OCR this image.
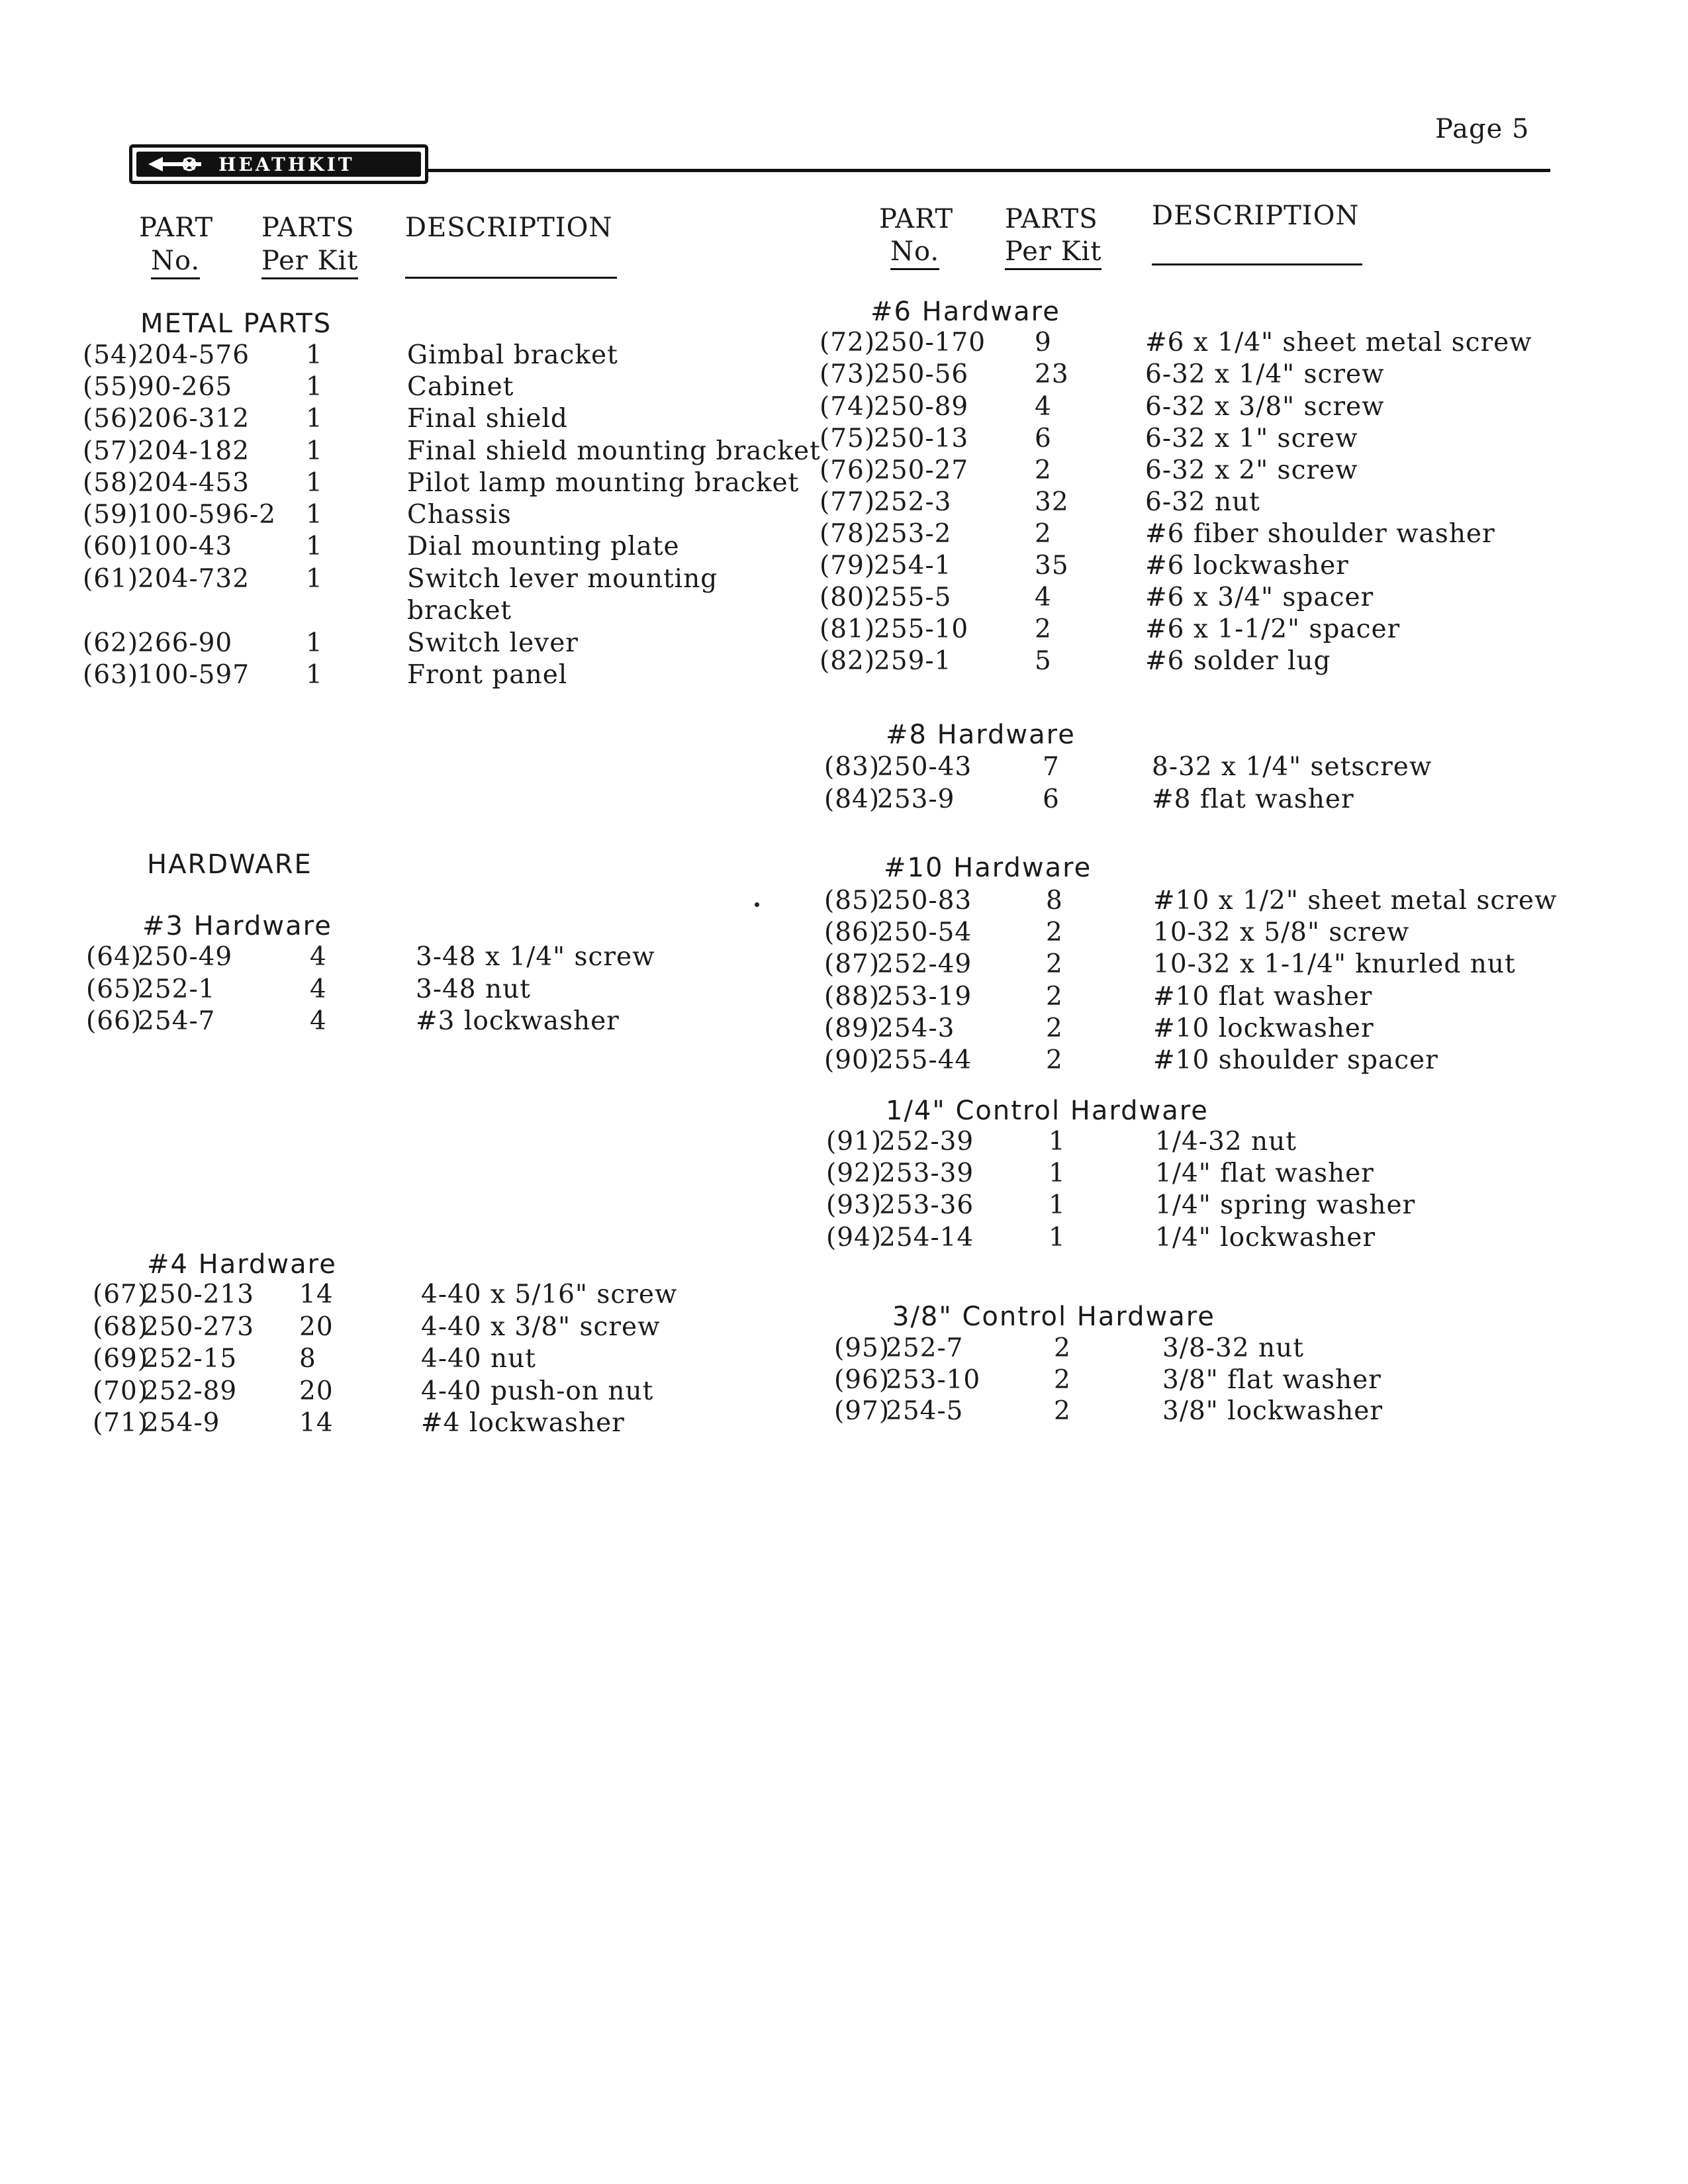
Page 5
HEATHKIT
PART
No.
PARTS
Per Kit
DESCRIPTION	PART
No.
PARTS
Per Kit
DESCRIPTION
METAL PARTS
HARDWARE
#3 Hardware
#4 Hardware
#6 Hardware
#8 Hardware
#10 Hardware
1/4" Control Hardware
3/8" Control Hardware
(54)
204-576 1	Gimbal bracket
(55)
90-265	1	Cabinet
(56)
206-312 1	Final shield
(57)
204-182 1	Final shield mounting bracket
(58)
204-453 1	Pilot lamp mounting bracket
(59)
100-596-2 1	Chassis
(60)
100-43	1	Dial mounting plate
(61)
204-732 1	Switch lever mounting
bracket
(62)
266-90	1	Switch lever
(63)
100-597 1	Front panel
(64)
250-49	4	3-48 x 1/4" screw
(65)
252-1	4	3-48 nut
(66)
254-7	4	#3 lockwasher
(67)
250-213 14	4-40 x 5/16" screw
(68)
250-273 20	4-40 x 3/8" screw
(69)
252-15 8	4-40 nut
(70)
252-89 20	4-40 push-on nut
(71)
254-9	14	#4 lockwasher
(72)
250-170 9	#6 x 1/4" sheet metal screw
(73)
250-56	23	6-32 x 1/4" screw
(74)
250-89	4	6-32 x 3/8" screw
(75)
250-13	6	6-32 x 1" screw
(76)
250-27	2	6-32 x 2" screw
(77)
252-3	32	6-32 nut
(78)
253-2	2	#6 fiber shoulder washer
(79)
254-1	35	#6 lockwasher
(80)
255-5	4	#6 x 3/4" spacer
(81)
255-10	2	#6 x 1-1/2" spacer
(82)
259-1	5	#6 solder lug
(83)
250-43	7	8-32 x 1/4" setscrew
(84)
253-9	6	#8 flat washer
(85)
250-83	8	#10 x 1/2" sheet metal screw
(86)
250-54	2	10-32 x 5/8" screw
(87)
252-49	2	10-32 x 1-1/4" knurled nut
(88)
253-19	2	#10 flat washer
(89)
254-3	2	#10 lockwasher
(90)
255-44	2	#10 shoulder spacer
(91)
252-39	1	1/4-32 nut
(92)
253-39	1	1/4" flat washer
(93)
253-36	1	1/4" spring washer
(94)
254-14	1	1/4" lockwasher
(95)
252-7	2	3/8-32 nut
(96)
253-10	2	3/8" flat washer
(97)
254-5	2	3/8" lockwasher
